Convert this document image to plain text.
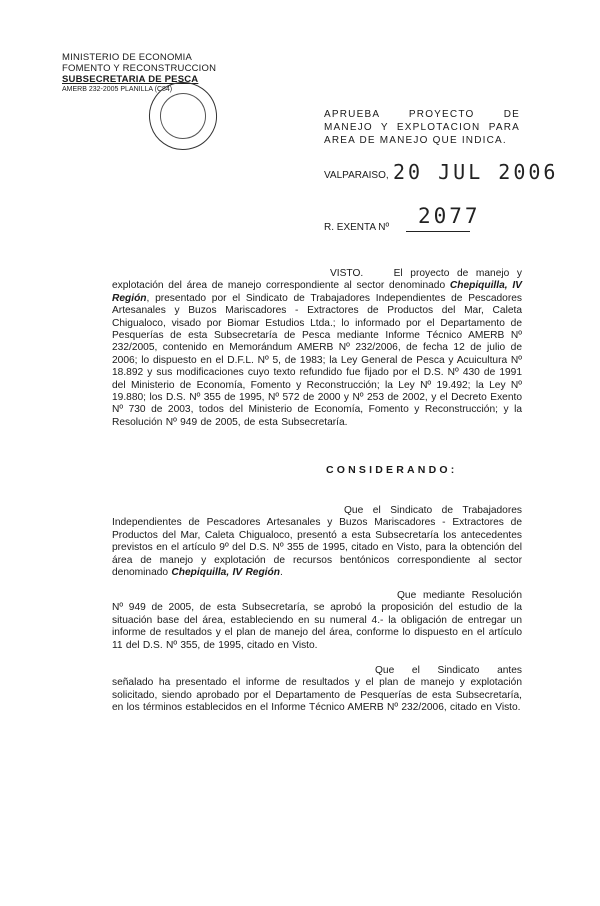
MINISTERIO DE ECONOMIA
FOMENTO Y RECONSTRUCCION
SUBSECRETARIA DE PESCA
AMERB 232-2005 PLANILLA (C84)
APRUEBA PROYECTO DE MANEJO Y EXPLOTACION PARA AREA DE MANEJO QUE INDICA.
VALPARAISO, 20 JUL 2006
R. EXENTA Nº 2077

VISTO.	El proyecto de manejo y explotación del área de manejo correspondiente al sector denominado Chepiquilla, IV Región, presentado por el Sindicato de Trabajadores Independientes de Pescadores Artesanales y Buzos Mariscadores - Extractores de Productos del Mar, Caleta Chigualoco, visado por Biomar Estudios Ltda.; lo informado por el Departamento de Pesquerías de esta Subsecretaría de Pesca mediante Informe Técnico AMERB Nº 232/2005, contenido en Memorándum AMERB Nº 232/2006, de fecha 12 de julio de 2006; lo dispuesto en el D.F.L. Nº 5, de 1983; la Ley General de Pesca y Acuicultura Nº 18.892 y sus modificaciones cuyo texto refundido fue fijado por el D.S. Nº 430 de 1991 del Ministerio de Economía, Fomento y Reconstrucción; la Ley Nº 19.492; la Ley Nº 19.880; los D.S. Nº 355 de 1995, Nº 572 de 2000 y Nº 253 de 2002, y el Decreto Exento Nº 730 de 2003, todos del Ministerio de Economía, Fomento y Reconstrucción; y la Resolución Nº 949 de 2005, de esta Subsecretaría.

CONSIDERANDO:

Que el Sindicato de Trabajadores Independientes de Pescadores Artesanales y Buzos Mariscadores - Extractores de Productos del Mar, Caleta Chigualoco, presentó a esta Subsecretaría los antecedentes previstos en el artículo 9º del D.S. Nº 355 de 1995, citado en Visto, para la obtención del área de manejo y explotación de recursos bentónicos correspondiente al sector denominado Chepiquilla, IV Región.

Que mediante Resolución Nº 949 de 2005, de esta Subsecretaría, se aprobó la proposición del estudio de la situación base del área, estableciendo en su numeral 4.- la obligación de entregar un informe de resultados y el plan de manejo del área, conforme lo dispuesto en el artículo 11 del D.S. Nº 355, de 1995, citado en Visto.

Que el Sindicato antes señalado ha presentado el informe de resultados y el plan de manejo y explotación solicitado, siendo aprobado por el Departamento de Pesquerías de esta Subsecretaría, en los términos establecidos en el Informe Técnico AMERB Nº 232/2006, citado en Visto.
